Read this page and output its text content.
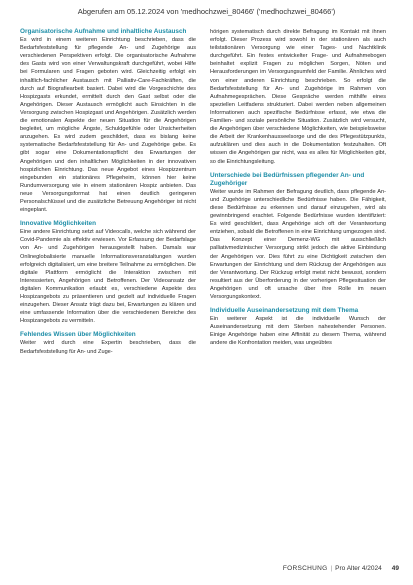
Abgerufen am 05.12.2024 von 'medhochzwei_80466' ('medhochzwei_80466')
Organisatorische Aufnahme und inhaltliche Austausch

Es wird in einem weiteren Einrichtung beschrieben, dass die Bedarfsfeststellung für pflegende An- und Zugehörige aus verschiedenen Perspektiven erfolgt. Die organisatorische Aufnahme des Gasts wird von einer Verwaltungskraft durchgeführt, wobei Hilfe bei Formularen und Fragen geboten wird. Gleichzeitig erfolgt ein inhaltlich-fachlicher Austausch mit Palliativ-Care-Fachkräften, die durch auf Biografiearbeit basiert. Dabei wird die Vorgeschichte des Hospizgasts erkundet, ermittelt durch den Gast selbst oder die Angehörigen. Dieser Austausch ermöglicht auch Einsichten in die Versorgung zwischen Hospizgast und Angehörigen. Zusätzlich werden die emotionalen Aspekte der neuen Situation für die Angehörigen begleitet, um mögliche Ängste, Schuldgefühle oder Unsicherheiten anzugehen. Es wird zudem geschildert, dass es bislang keine systematische Bedarfsfeststellung für An- und Zugehörige gebe. Es gibt sogar eine Dokumentationspflicht des Erwartungen der Angehörigen und den inhaltlichen Möglichkeiten in der innovativen hospizlichen Einrichtung. Das neue Angebot eines Hospizzentrum eingebunden ein stationäres Pflegeheim, können hier keine Rundumversorgung wie in einem stationären Hospiz anbieten. Das neue Versorgungsformat hat einen deutlich geringeren Personalschlüssel und die zusätzliche Betreuung Angehöriger ist nicht eingeplant.

Innovative Möglichkeiten

Eine andere Einrichtung setzt auf Videocalls, welche sich während der Covid-Pandemie als effektiv erwiesen. Vor Erfassung der Bedarfslage von An- und Zugehörigen herausgestellt haben. Damals war Onlineglobalisierte manuelle Informationsveranstaltungen wurden erfolgreich digitalisiert, um eine breitere Teilnahme zu ermöglichen. Die digitale Plattform ermöglicht die Interaktion zwischen mit Interessierten, Angehörigen und Betroffenen. Der Videoansatz der digitalen Kommunikation erlaubt es, verschiedene Aspekte des Hospizangebots zu präsentieren und gezielt auf individuelle Fragen einzugehen. Dieser Ansatz trägt dazu bei, Erwartungen zu klären und eine umfassende Information über die verschiedenen Bereiche des Hospizangebots zu vermitteln.

Fehlendes Wissen über Möglichkeiten

Weiter wird durch eine Expertin beschrieben, dass die Bedarfsfeststellung für An- und Zuge-

hörigen systematisch durch direkte Befragung im Kontakt mit ihnen erfolgt. Dieser Prozess wird sowohl in der stationären als auch teilstationären Versorgung wie einer Tages- und Nachtklinik durchgeführt. Ein festes entwickelter Frage- und Aufnahmebogen beinhaltet explizit Fragen zu möglichen Sorgen, Nöten und Herausforderungen im Versorgungsumfeld der Familie. Ähnliches wird von einer anderen Einrichtung beschrieben. So erfolgt die Bedarfsfeststellung für An- und Zugehörige im Rahmen von Aufnahmegesprächen. Diese Gespräche werden mithilfe eines speziellen Leitfadens strukturiert. Dabei werden neben allgemeinen Informationen auch spezifische Bedürfnisse erfasst, wie etwa die Familien- und soziale persönliche Situation. Zusätzlich wird versucht, die Angehörigen über verschiedene Möglichkeiten, wie beispielsweise die Arbeit der Krankenhausseelsorge und die des Pflegestützpunkts, aufzuklären und dies auch in die Dokumentation festzuhalten. Oft wissen die Angehörigen gar nicht, was es alles für Möglichkeiten gibt, so die Einrichtungsleitung.

Unterschiede bei Bedürfnissen pflegender An- und Zugehöriger

Weiter wurde im Rahmen der Befragung deutlich, dass pflegende An- und Zugehörige unterschiedliche Bedürfnisse haben. Die Fähigkeit, diese Bedürfnisse zu erkennen und darauf einzugehen, wird als gewinnbringend erachtet. Folgende Bedürfnisse wurden identifiziert: Es wird geschildert, dass Angehörige sich oft der Verantwortung entziehen, sobald die Betroffenen in eine Einrichtung umgezogen sind. Das Konzept einer Demenz-WG mit ausschließlich palliativmedizinischer Versorgung strikt jedoch die aktive Einbindung der Angehörigen vor. Dies führt zu eine Dichtigkeit zwischen den Erwartungen der Einrichtung und dem Rückzug der Angehörigen aus der Verantwortung. Der Rückzug erfolgt meist nicht bewusst, sondern resultiert aus der Überforderung in der vorherigen Pflegesituation der Angehörigen und oft ursache über ihre Rolle im neuen Versorgungskontext.

Individuelle Auseinandersetzung mit dem Thema

Ein weiterer Aspekt ist die individuelle Wunsch der Auseinandersetzung mit dem Sterben nahestehender Personen. Einige Angehörige haben eine Affinität zu diesem Thema, während andere die Konfrontation meiden, was ungeübtes

FORSCHUNG | Pro Alter 4/2024 49
